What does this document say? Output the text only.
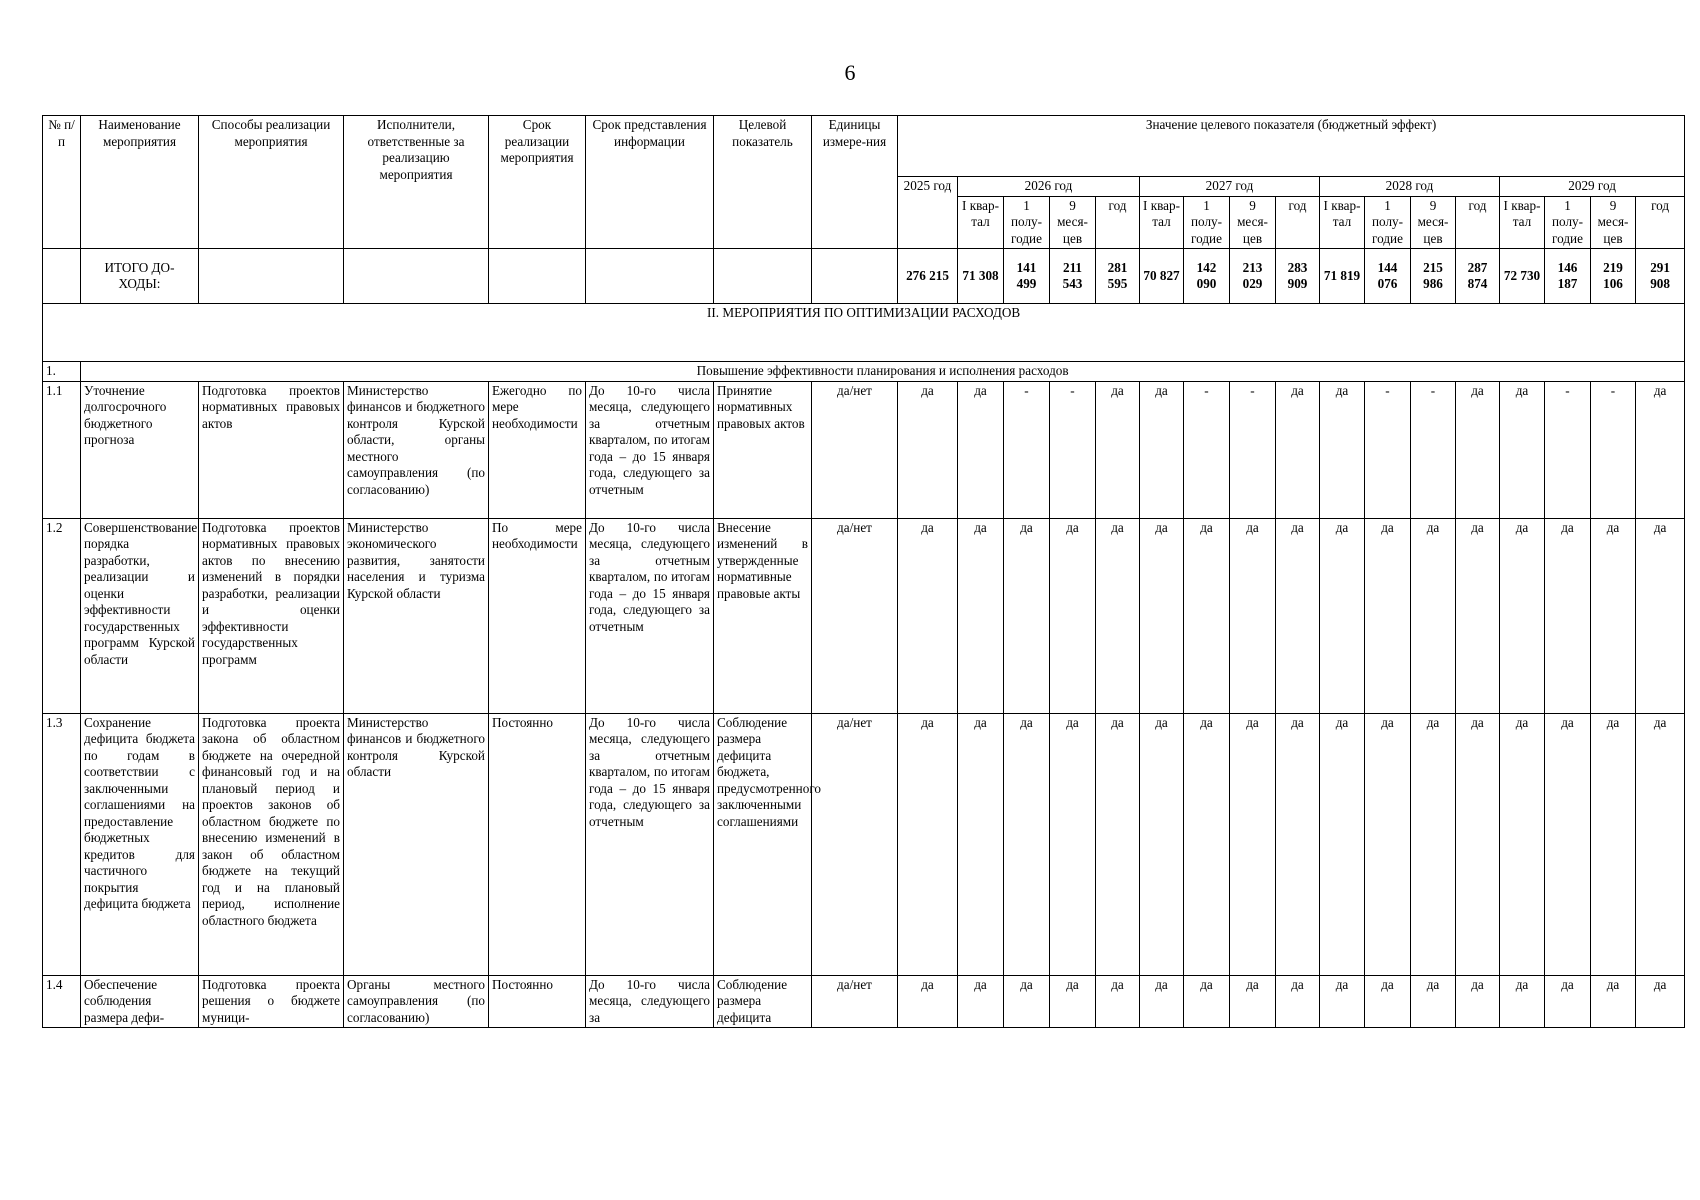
6
№ п/п	Наименование мероприятия	Способы реализации мероприятия	Исполнители, ответственные за реализацию мероприятия	Срок реализации мероприятия	Срок представления информации	Целевой показатель	Единицы измере-ния	Значение целевого показателя (бюджетный эффект)																
								2025 год	2026 год				2027 год				2028 год				2029 год			
									I квар-тал	1 полу-годие	9 меся-цев	год	I квар-тал	1 полу-годие	9 меся-цев	год	I квар-тал	1 полу-годие	9 меся-цев	год	I квар-тал	1 полу-годие	9 меся-цев	год
	ИТОГО ДО-ХОДЫ:							276 215	71 308	141 499	211 543	281 595	70 827	142 090	213 029	283 909	71 819	144 076	215 986	287 874	72 730	146 187	219 106	291 908
II. МЕРОПРИЯТИЯ ПО ОПТИМИЗАЦИИ РАСХОДОВ																								
1.	Повышение эффективности планирования и исполнения расходов																							
1.1	Уточнение долгосрочного бюджетного прогноза	Подготовка проектов нормативных правовых актов	Министерство финансов и бюджетного контроля Курской области, органы местного самоуправления (по согласованию)	Ежегодно по мере необходимости	До 10-го числа месяца, следующего за отчетным кварталом, по итогам года – до 15 января года, следующего за отчетным	Принятие нормативных правовых актов	да/нет	да	да	-	-	да	да	-	-	да	да	-	-	да	да	-	-	да
1.2	Совершенствование порядка разработки, реализации и оценки эффективности государственных программ Курской области	Подготовка проектов нормативных правовых актов по внесению изменений в порядки разработки, реализации и оценки эффективности государственных программ	Министерство экономического развития, занятости населения и туризма Курской области	По мере необходимости	До 10-го числа месяца, следующего за отчетным кварталом, по итогам года – до 15 января года, следующего за отчетным	Внесение изменений в утвержденные нормативные правовые акты	да/нет	да	да	да	да	да	да	да	да	да	да	да	да	да	да	да	да	да
1.3	Сохранение дефицита бюджета по годам в соответствии с заключенными соглашениями на предоставление бюджетных кредитов для частичного покрытия дефицита бюджета	Подготовка проекта закона об областном бюджете на очередной финансовый год и на плановый период и проектов законов об областном бюджете по внесению изменений в закон об областном бюджете на текущий год и на плановый период, исполнение областного бюджета	Министерство финансов и бюджетного контроля Курской области	Постоянно	До 10-го числа месяца, следующего за отчетным кварталом, по итогам года – до 15 января года, следующего за отчетным	Соблюдение размера дефицита бюджета, предусмотренного заключенными соглашениями	да/нет	да	да	да	да	да	да	да	да	да	да	да	да	да	да	да	да	да
1.4	Обеспечение соблюдения размера дефи-	Подготовка проекта решения о бюджете муници-	Органы местного самоуправления (по согласованию)	Постоянно	До 10-го числа месяца, следующего за	Соблюдение размера дефицита	да/нет	да	да	да	да	да	да	да	да	да	да	да	да	да	да	да	да	да
